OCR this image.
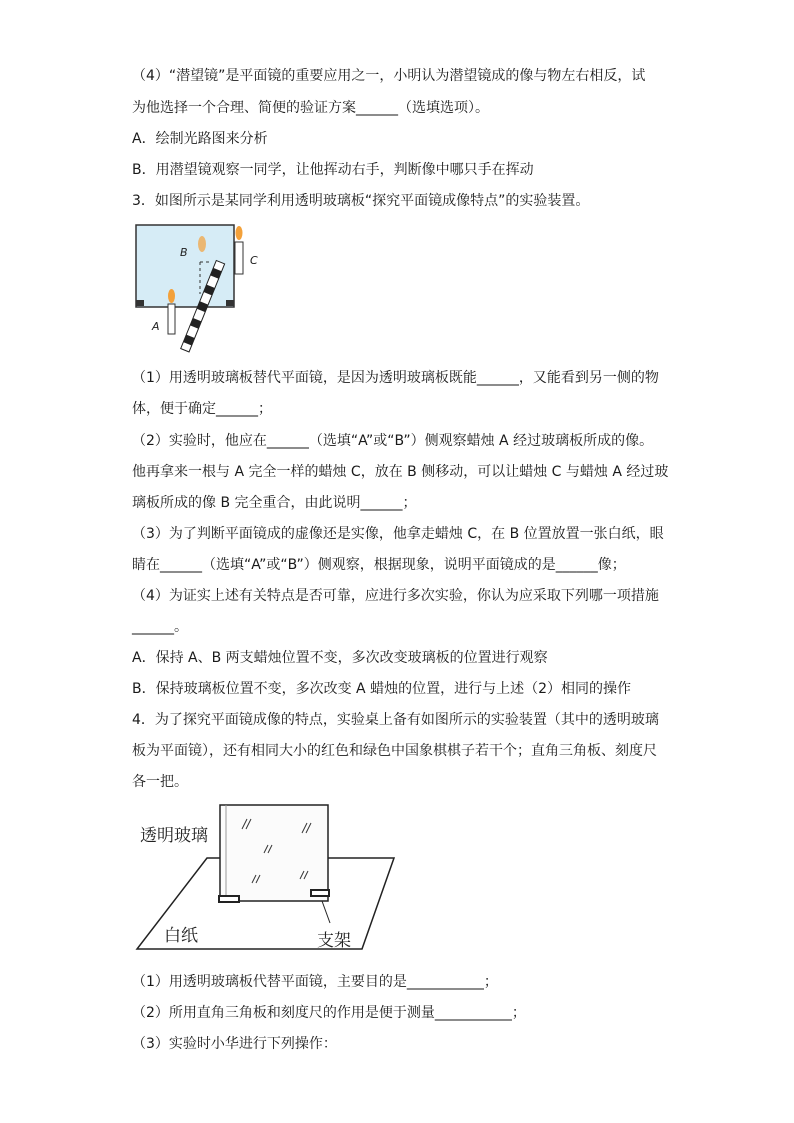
（4）“潜望镜”是平面镜的重要应用之一，小明认为潜望镜成的像与物左右相反，试
为他选择一个合理、简便的验证方案______（选填选项）。
A．绘制光路图来分析
B．用潜望镜观察一同学，让他挥动右手，判断像中哪只手在挥动
3．如图所示是某同学利用透明玻璃板“探究平面镜成像特点”的实验装置。
B
A
C
（1）用透明玻璃板替代平面镜，是因为透明玻璃板既能______，又能看到另一侧的物
体，便于确定______；
（2）实验时，他应在______（选填“A”或“B”）侧观察蜡烛 A 经过玻璃板所成的像。
他再拿来一根与 A 完全一样的蜡烛 C，放在 B 侧移动，可以让蜡烛 C 与蜡烛 A 经过玻
璃板所成的像 B 完全重合，由此说明______；
（3）为了判断平面镜成的虚像还是实像，他拿走蜡烛 C，在 B 位置放置一张白纸，眼
睛在______（选填“A”或“B”）侧观察，根据现象，说明平面镜成的是______像；
（4）为证实上述有关特点是否可靠，应进行多次实验，你认为应采取下列哪一项措施
______。
A．保持 A、B 两支蜡烛位置不变，多次改变玻璃板的位置进行观察
B．保持玻璃板位置不变，多次改变 A 蜡烛的位置，进行与上述（2）相同的操作
4．为了探究平面镜成像的特点，实验桌上备有如图所示的实验装置（其中的透明玻璃
板为平面镜），还有相同大小的红色和绿色中国象棋棋子若干个；直角三角板、刻度尺
各一把。
透明玻璃
白纸	支架
（1）用透明玻璃板代替平面镜，主要目的是___________；
（2）所用直角三角板和刻度尺的作用是便于测量___________；
（3）实验时小华进行下列操作：
